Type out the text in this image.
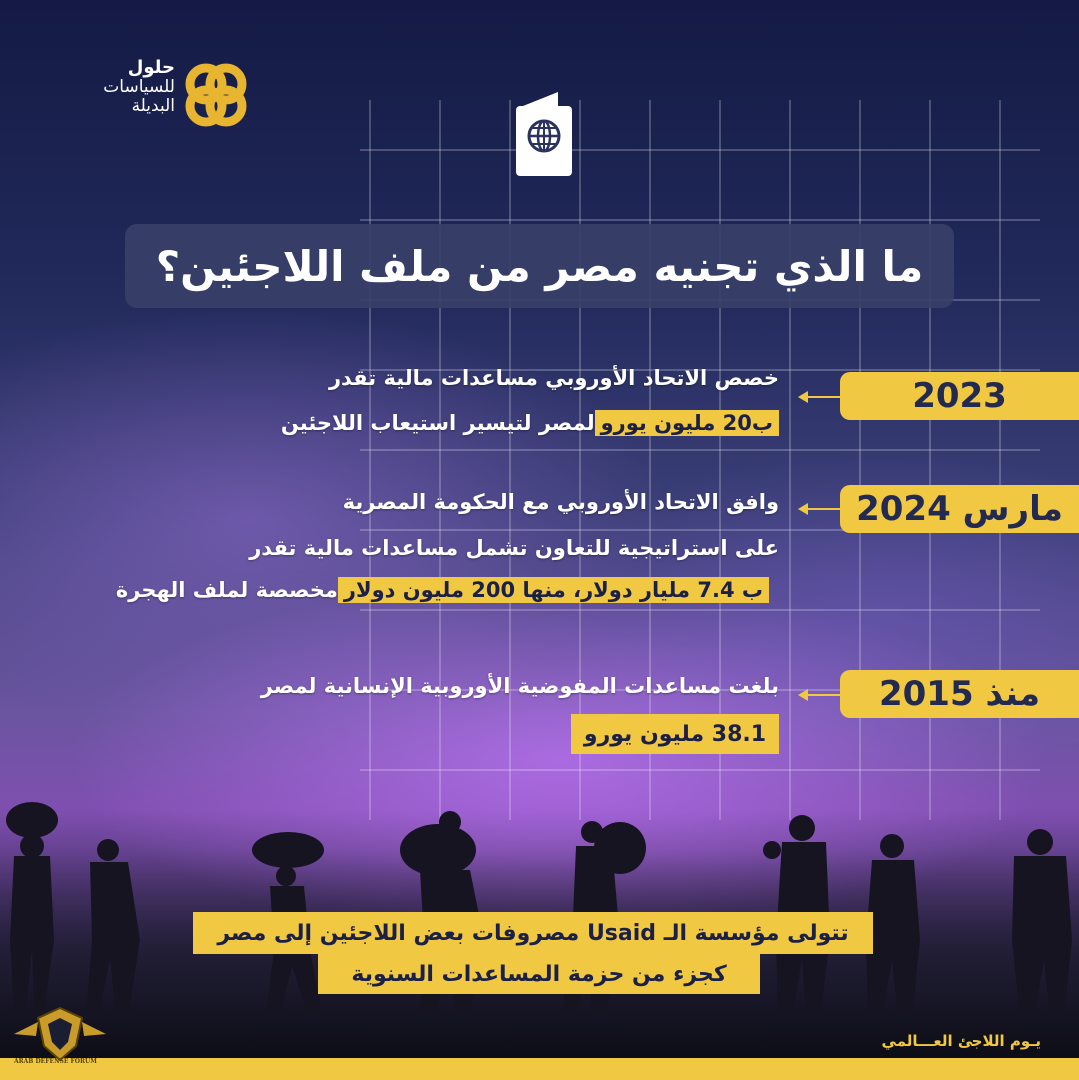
حلول
للسياسات
البديلة
ما الذي تجنيه مصر من ملف اللاجئين؟
2023
خصص الاتحاد الأوروبي مساعدات مالية تقدر
ب20 مليون يورولمصر لتيسير استيعاب اللاجئين
مارس 2024
وافق الاتحاد الأوروبي مع الحكومة المصرية
على استراتيجية للتعاون تشمل مساعدات مالية تقدر
ب 7.4 مليار دولار، منها 200 مليون دولارمخصصة لملف الهجرة
منذ 2015
بلغت مساعدات المفوضية الأوروبية الإنسانية لمصر
38.1 مليون يورو
تتولى مؤسسة الـ Usaid مصروفات بعض اللاجئين إلى مصر
كجزء من حزمة المساعدات السنوية
يـوم اللاجئ العـــالمي
ARAB DEFENSE FORUM
